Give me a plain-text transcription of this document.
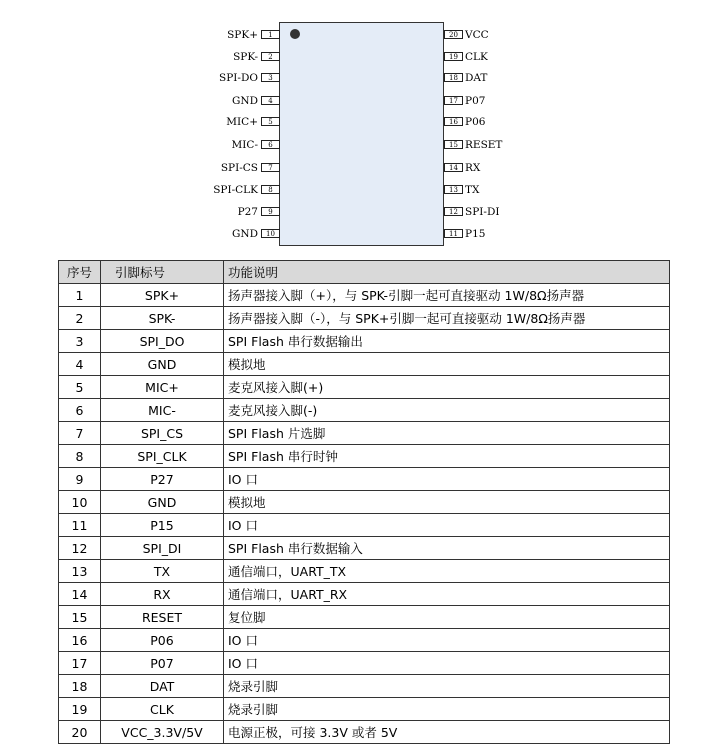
SPK+	1
SPK-	2
SPI-DO	3
GND	4
MIC+	5
MIC-	6
SPI-CS	7
SPI-CLK	8
P27	9
GND	10
20 VCC
19 CLK
18 DAT
17 P07
16 P06
15 RESET
14 RX
13 TX
12 SPI-DI
11 P15
序号	引脚标号	功能说明
1	SPK+	扬声器接入脚（+），与 SPK-引脚一起可直接驱动 1W/8Ω扬声器
2	SPK-	扬声器接入脚（-），与 SPK+引脚一起可直接驱动 1W/8Ω扬声器
3	SPI_DO	SPI Flash 串行数据输出
4	GND	模拟地
5	MIC+	麦克风接入脚(+)
6	MIC-	麦克风接入脚(-)
7	SPI_CS	SPI Flash 片选脚
8	SPI_CLK	SPI Flash 串行时钟
9	P27	IO 口
10	GND	模拟地
11	P15	IO 口
12	SPI_DI	SPI Flash 串行数据输入
13	TX	通信端口，UART_TX
14	RX	通信端口，UART_RX
15	RESET	复位脚
16	P06	IO 口
17	P07	IO 口
18	DAT	烧录引脚
19	CLK	烧录引脚
20	VCC_3.3V/5V	电源正极，可接 3.3V 或者 5V
